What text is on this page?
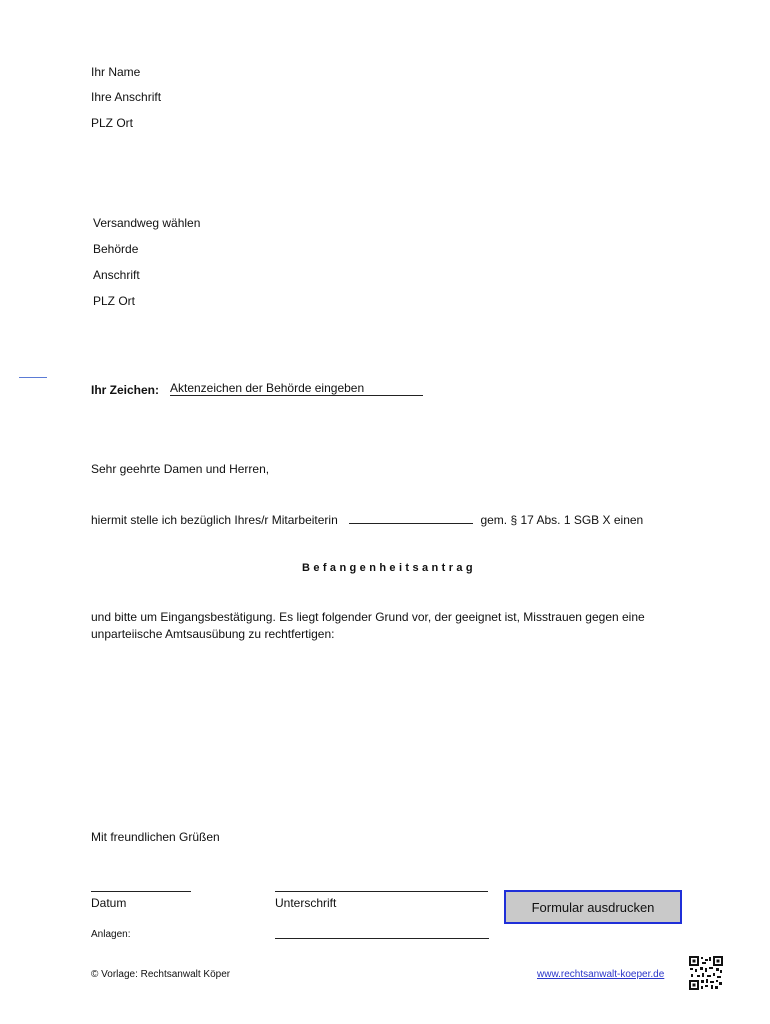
Ihr Name
Ihre Anschrift
PLZ Ort
Versandweg wählen
Behörde
Anschrift
PLZ Ort
Ihr Zeichen: Aktenzeichen der Behörde eingeben
Sehr geehrte Damen und Herren,
hiermit stelle ich bezüglich Ihres/r Mitarbeiterin	gem. § 17 Abs. 1 SGB X einen
Befangenheitsantrag
und bitte um Eingangsbestätigung. Es liegt folgender Grund vor, der geeignet ist, Misstrauen gegen eine
unparteiische Amtsausübung zu rechtfertigen:
Mit freundlichen Grüßen
Datum	Unterschrift
Anlagen:
Formular ausdrucken
© Vorlage: Rechtsanwalt Köper	www.rechtsanwalt-koeper.de
